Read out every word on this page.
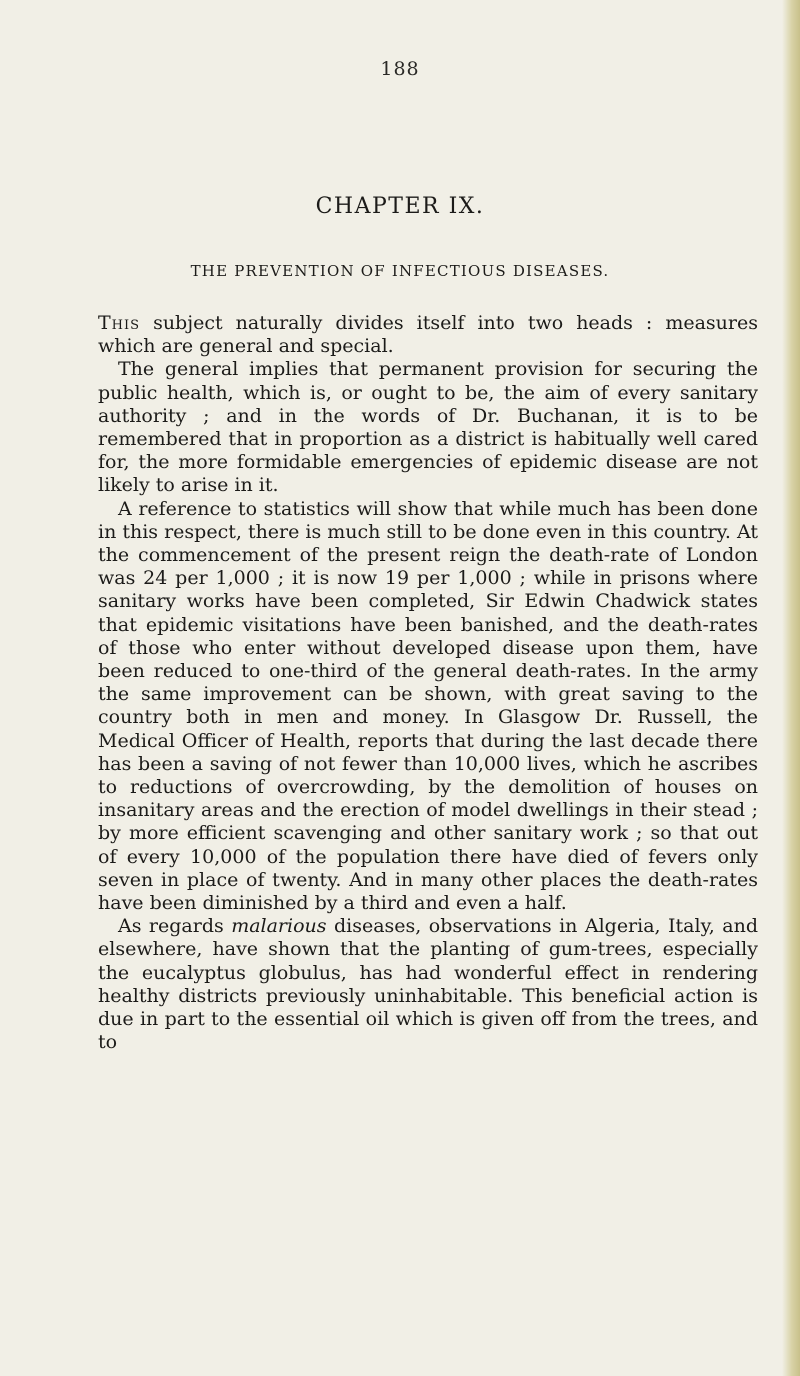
188
CHAPTER IX.
THE PREVENTION OF INFECTIOUS DISEASES.

This subject naturally divides itself into two heads : measures which are general and special.

The general implies that permanent provision for securing the public health, which is, or ought to be, the aim of every sanitary authority ; and in the words of Dr. Buchanan, it is to be remembered that in proportion as a district is habitually well cared for, the more formidable emergencies of epidemic disease are not likely to arise in it.

A reference to statistics will show that while much has been done in this respect, there is much still to be done even in this country. At the commencement of the present reign the death-rate of London was 24 per 1,000 ; it is now 19 per 1,000 ; while in prisons where sanitary works have been completed, Sir Edwin Chadwick states that epidemic visitations have been banished, and the death-rates of those who enter without developed disease upon them, have been reduced to one-third of the general death-rates. In the army the same improvement can be shown, with great saving to the country both in men and money. In Glasgow Dr. Russell, the Medical Officer of Health, reports that during the last decade there has been a saving of not fewer than 10,000 lives, which he ascribes to reductions of overcrowding, by the demolition of houses on insanitary areas and the erection of model dwellings in their stead ; by more efficient scavenging and other sanitary work ; so that out of every 10,000 of the population there have died of fevers only seven in place of twenty. And in many other places the death-rates have been diminished by a third and even a half.

As regards malarious diseases, observations in Algeria, Italy, and elsewhere, have shown that the planting of gum-trees, especially the eucalyptus globulus, has had wonderful effect in rendering healthy districts previously uninhabitable. This beneficial action is due in part to the essential oil which is given off from the trees, and to
